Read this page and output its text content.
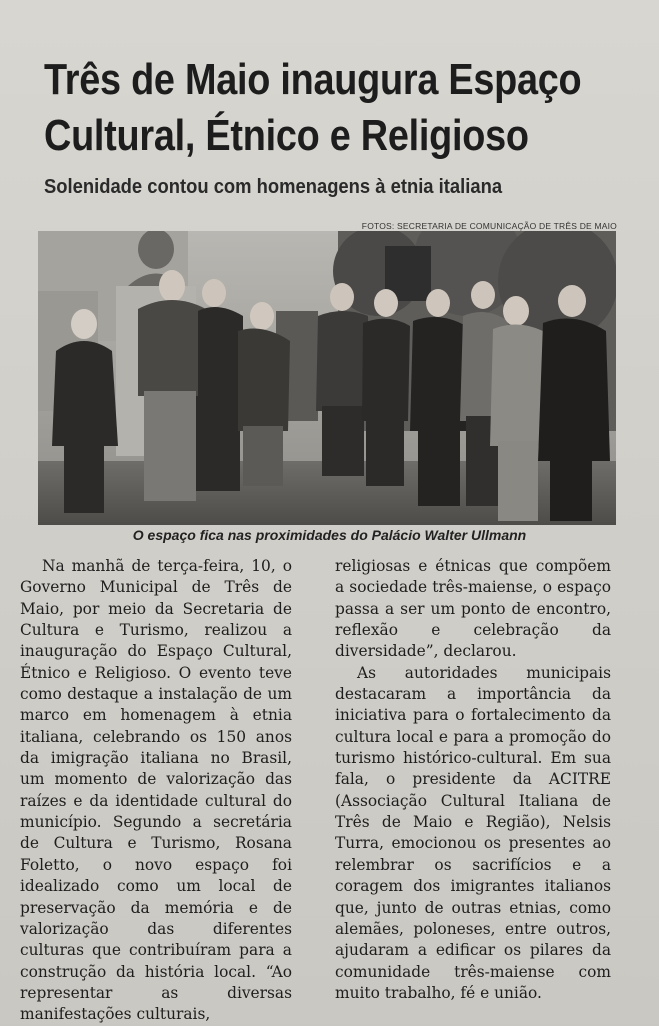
Três de Maio inaugura Espaço
Cultural, Étnico e Religioso
Solenidade contou com homenagens à etnia italiana
FOTOS: SECRETARIA DE COMUNICAÇÃO DE TRÊS DE MAIO
O espaço fica nas proximidades do Palácio Walter Ullmann

Na manhã de terça-feira, 10, o Governo Municipal de Três de Maio, por meio da Secretaria de Cultura e Turismo, realizou a inauguração do Espaço Cultural, Étnico e Religioso. O evento teve como destaque a instalação de um marco em homenagem à etnia italiana, celebrando os 150 anos da imigração italiana no Brasil, um momento de valorização das raízes e da identidade cultural do município. Segundo a secretária de Cultura e Turismo, Rosana Foletto, o novo espaço foi idealizado como um local de preservação da memória e de valorização das diferentes culturas que contribuíram para a construção da história local. “Ao representar as diversas manifestações culturais,

religiosas e étnicas que compõem a sociedade três-maiense, o espaço passa a ser um ponto de encontro, reflexão e celebração da diversidade”, declarou.

As autoridades municipais destacaram a importância da iniciativa para o fortalecimento da cultura local e para a promoção do turismo histórico-cultural. Em sua fala, o presidente da ACITRE (Associação Cultural Italiana de Três de Maio e Região), Nelsis Turra, emocionou os presentes ao relembrar os sacrifícios e a coragem dos imigrantes italianos que, junto de outras etnias, como alemães, poloneses, entre outros, ajudaram a edificar os pilares da comunidade três-maiense com muito trabalho, fé e união.
